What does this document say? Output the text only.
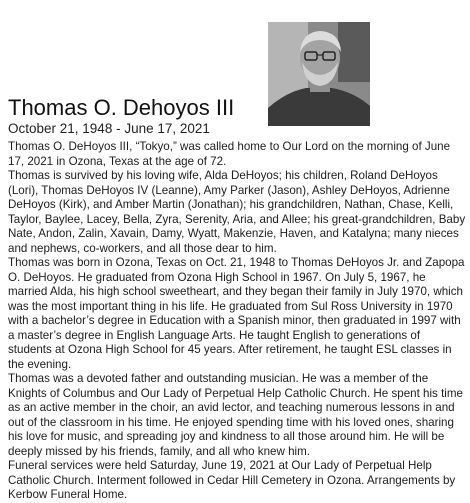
Thomas O. Dehoyos III
October 21, 1948 - June 17, 2021

Thomas O. DeHoyos III, “Tokyo,” was called home to Our Lord on the morning of June 17, 2021 in Ozona, Texas at the age of 72.

Thomas is survived by his loving wife, Alda DeHoyos; his children, Roland DeHoyos (Lori), Thomas DeHoyos IV (Leanne), Amy Parker (Jason), Ashley DeHoyos, Adrienne DeHoyos (Kirk), and Amber Martin (Jonathan); his grandchildren, Nathan, Chase, Kelli, Taylor, Baylee, Lacey, Bella, Zyra, Serenity, Aria, and Allee; his great-grandchildren, Baby Nate, Andon, Zalin, Xavain, Damy, Wyatt, Makenzie, Haven, and Katalyna; many nieces and nephews, co-workers, and all those dear to him.

Thomas was born in Ozona, Texas on Oct. 21, 1948 to Thomas DeHoyos Jr. and Zapopa O. DeHoyos. He graduated from Ozona High School in 1967. On July 5, 1967, he married Alda, his high school sweetheart, and they began their family in July 1970, which was the most important thing in his life. He graduated from Sul Ross University in 1970 with a bachelor’s degree in Education with a Spanish minor, then graduated in 1997 with a master’s degree in English Language Arts. He taught English to generations of students at Ozona High School for 45 years. After retirement, he taught ESL classes in the evening.

Thomas was a devoted father and outstanding musician. He was a member of the Knights of Columbus and Our Lady of Perpetual Help Catholic Church. He spent his time as an active member in the choir, an avid lector, and teaching numerous lessons in and out of the classroom in his time. He enjoyed spending time with his loved ones, sharing his love for music, and spreading joy and kindness to all those around him. He will be deeply missed by his friends, family, and all who knew him.

Funeral services were held Saturday, June 19, 2021 at Our Lady of Perpetual Help Catholic Church. Interment followed in Cedar Hill Cemetery in Ozona. Arrangements by Kerbow Funeral Home.
